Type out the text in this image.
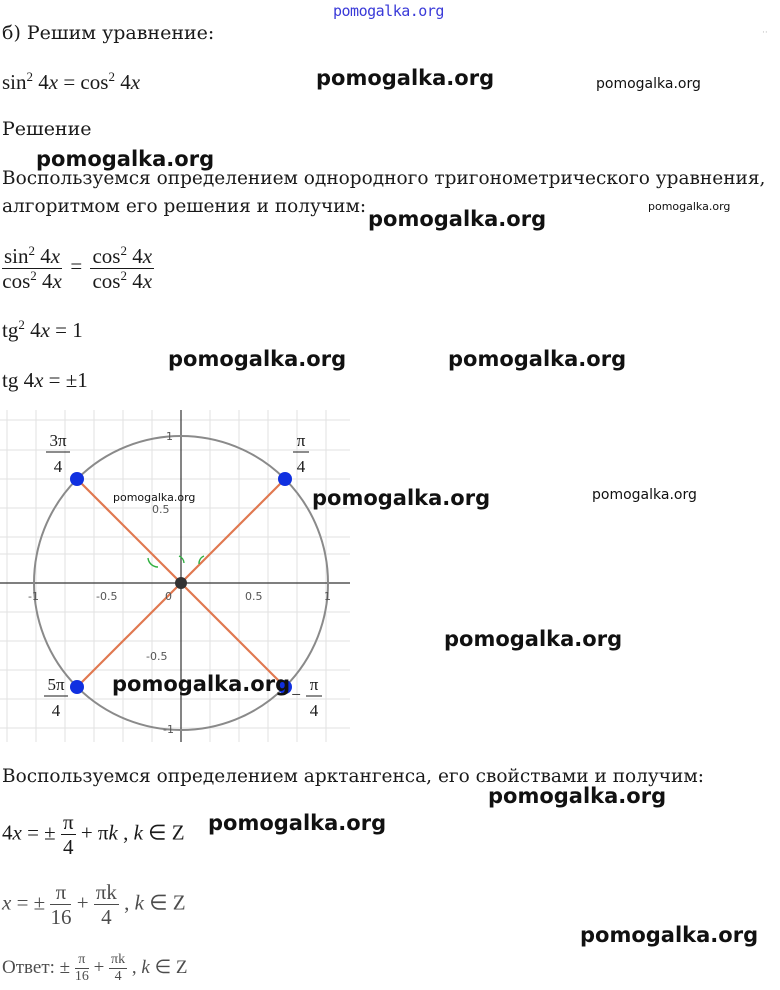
pomogalka.org
б) Решим уравнение:	··
$\sin^2 4x = \cos^2 4x$	pomogalka.org	pomogalka.org
Решение
pomogalka.org
Воспользуемся определением однородного тригонометрического уравнения,
алгоритмом его решения и получим:
pomogalka.org
pomogalka.org
$\frac{\sin^2 4x}{\cos^2 4x} = \frac{\cos^2 4x}{\cos^2 4x}$
$tg^2$ 4x = 1
tg 4x = ±1
pomogalka.org	pomogalka.org
-1	-0.5	0	0.5	1
1
0.5
-0.5
-1
3π
4
π
4
5π
4
−
π
4
pomogalka.org	pomogalka.org	pomogalka.org
pomogalka.org
pomogalka.org
Воспользуемся определением арктангенса, его свойствами и получим:
pomogalka.org
4x = ± $\frac{\pi}{4} + \pi k$ , k ∈ Z pomogalka.org
x = ± $\frac{\pi}{16} + \frac{\pi k}{4}$ , k ∈ Z
pomogalka.org
Ответ: ± $\frac{\pi}{16} + \frac{\pi k}{4}$ , k ∈ Z
